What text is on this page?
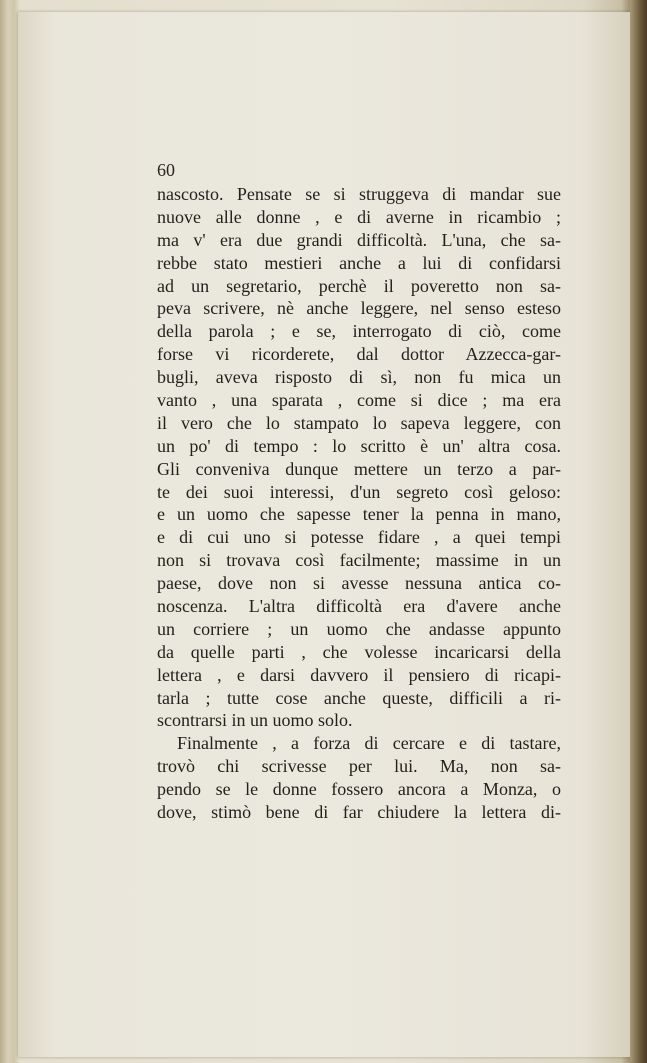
60
nascosto. Pensate se si struggeva di mandar sue
nuove alle donne , e di averne in ricambio ;
ma v' era due grandi difficoltà. L'una, che sa-
rebbe stato mestieri anche a lui di confidarsi
ad un segretario, perchè il poveretto non sa-
peva scrivere, nè anche leggere, nel senso esteso
della parola ; e se, interrogato di ciò, come
forse vi ricorderete, dal dottor Azzecca-gar-
bugli, aveva risposto di sì, non fu mica un
vanto , una sparata , come si dice ; ma era
il vero che lo stampato lo sapeva leggere, con
un po' di tempo : lo scritto è un' altra cosa.
Gli conveniva dunque mettere un terzo a par-
te dei suoi interessi, d'un segreto così geloso:
e un uomo che sapesse tener la penna in mano,
e di cui uno si potesse fidare , a quei tempi
non si trovava così facilmente; massime in un
paese, dove non si avesse nessuna antica co-
noscenza. L'altra difficoltà era d'avere anche
un corriere ; un uomo che andasse appunto
da quelle parti , che volesse incaricarsi della
lettera , e darsi davvero il pensiero di ricapi-
tarla ; tutte cose anche queste, difficili a ri-
scontrarsi in un uomo solo.
Finalmente , a forza di cercare e di tastare,
trovò chi scrivesse per lui. Ma, non sa-
pendo se le donne fossero ancora a Monza, o
dove, stimò bene di far chiudere la lettera di-
